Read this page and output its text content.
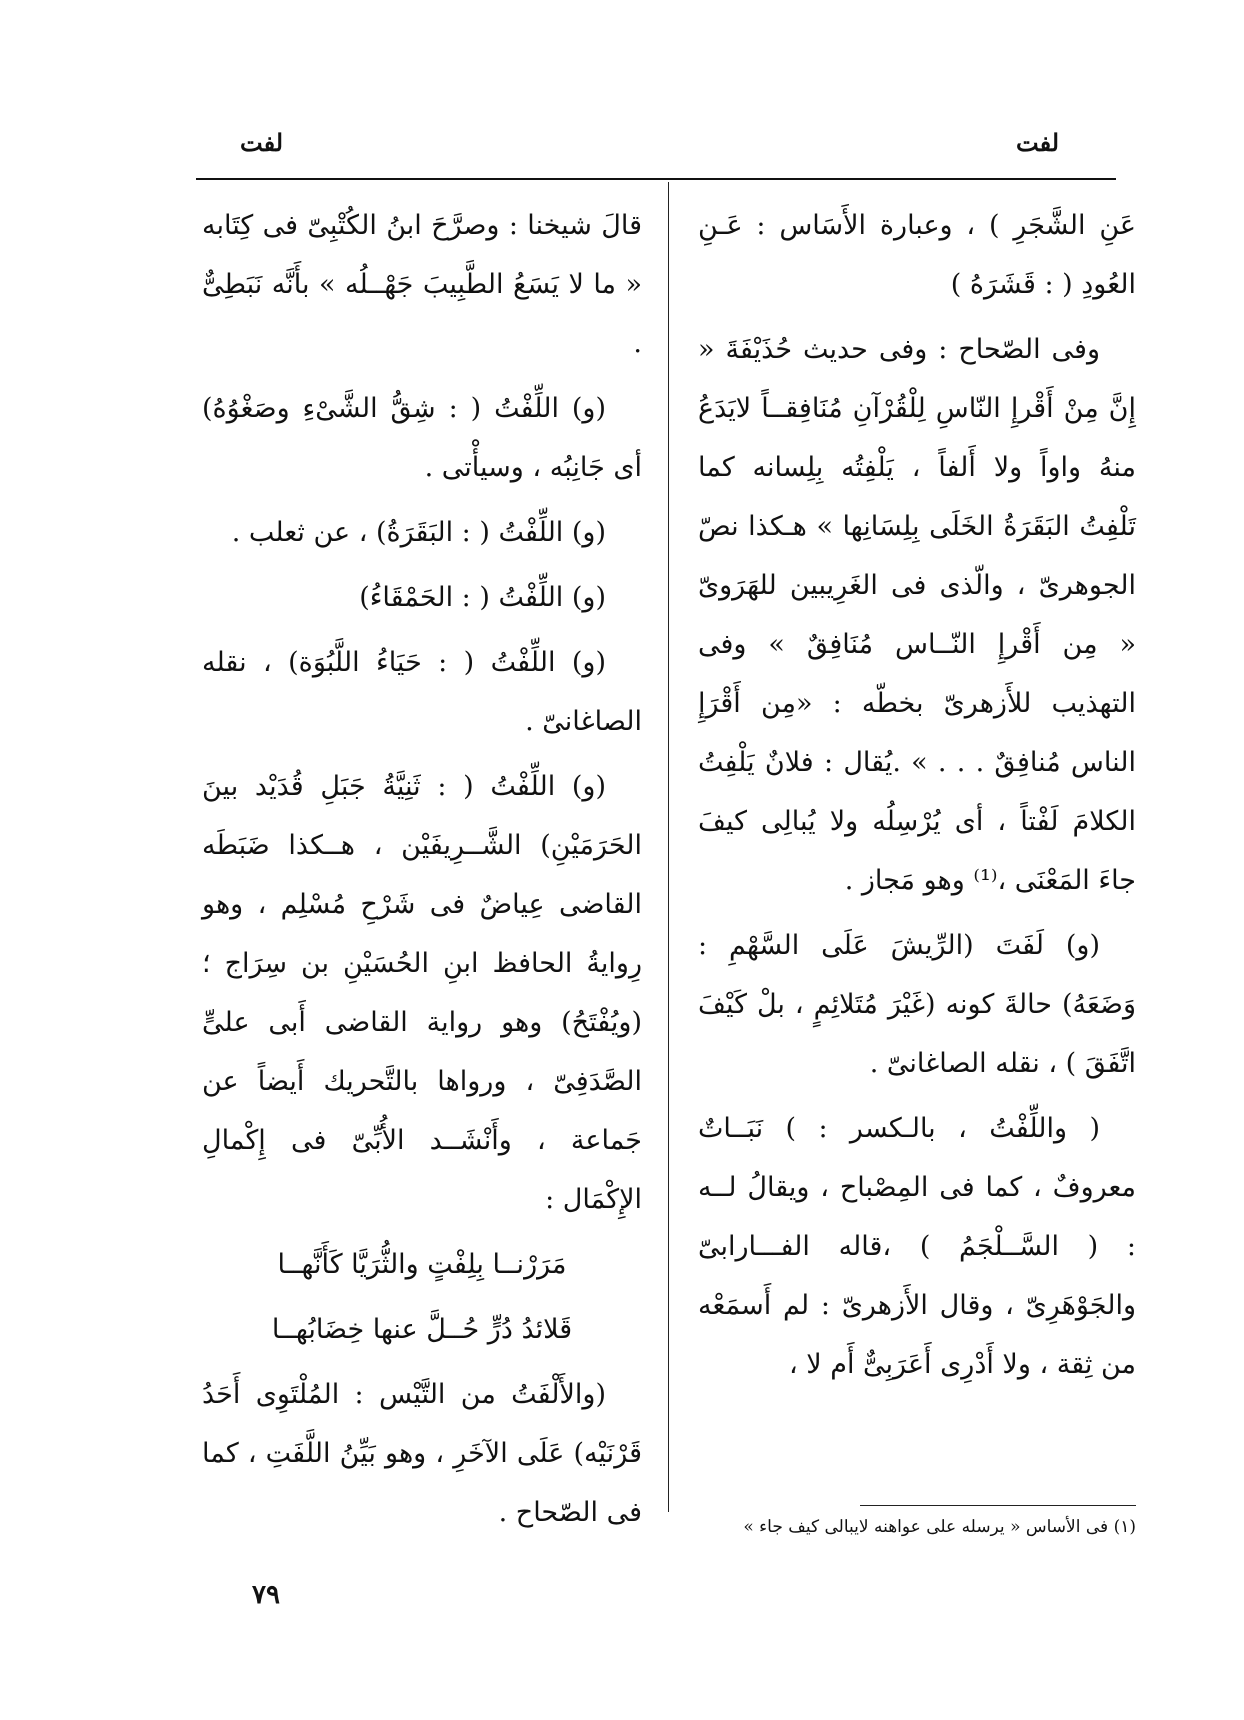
لفت	لفت

عَنِ الشَّجَرِ ) ، وعبارة الأَسَاس : عَـنِ العُودِ ( : قَشَرَهُ )

وفى الصّحاح : وفى حديث حُذَيْفَةَ « إِنَّ مِنْ أَقْرإِ النّاسِ لِلْقُرْآنِ مُنَافِقــاً لايَدَعُ منهُ واواً ولا أَلفاً ، يَلْفِتُه بِلِسانه كما تَلْفِتُ البَقَرَةُ الخَلَى بِلِسَانِها » هـكذا نصّ الجوهرىّ ، والّذى فى الغَرِيبين للهَرَوىّ « مِن أَقْرإِ النّــاس مُنَافِقٌ » وفى التهذيب للأَزهرىّ بخطّه : «مِن أَقْرَإِ الناس مُنافِقٌ . . . » .يُقال : فلانٌ يَلْفِتُ الكلامَ لَفْتاً ، أى يُرْسِلُه ولا يُبالِى كيفَ جاءَ المَعْنَى ،⁽¹⁾ وهو مَجاز .

(و) لَفَتَ (الرِّيشَ عَلَى السَّهْمِ : وَضَعَهُ) حالةَ كونه (غَيْرَ مُتَلائِمٍ ، بلْ كَيْفَ اتَّفَقَ ) ، نقله الصاغانىّ .

( واللِّفْتُ ، بالـكسر : ) نَبَــاتٌ معروفٌ ، كما فى المِصْباح ، ويقالُ لــه : ( السَّــلْجَمُ ) ،قاله الفـــارابىّ والجَوْهَرِىّ ، وقال الأَزهرىّ : لم أَسمَعْه من ثِقة ، ولا أَدْرِى أَعَرَبِىٌّ أَم لا ،

قالَ شيخنا : وصرَّحَ ابنُ الكُتْبِىّ فى كِتَابه « ما لا يَسَعُ الطَّبِيبَ جَهْــلُه » بأَنَّه نَبَطِىٌّ .

(و) اللِّفْتُ ( : شِقُّ الشَّىْءِ وصَغْوُهُ) أى جَانِبُه ، وسيأْتى .

(و) اللِّفْتُ ( : البَقَرَةُ) ، عن ثعلب .

(و) اللِّفْتُ ( : الحَمْقَاءُ)

(و) اللِّفْتُ ( : حَيَاءُ اللَّبُوَة) ، نقله الصاغانىّ .

(و) اللِّفْتُ ( : ثَنِيَّةُ جَبَلِ قُدَيْد بينَ الحَرَمَيْنِ) الشَّــرِيفَيْن ، هــكذا ضَبَطَه القاضى عِياضٌ فى شَرْحِ مُسْلِم ، وهو رِوايةُ الحافظ ابنِ الحُسَيْنِ بن سِرَاج ؛ (ويُفْتَحُ) وهو رواية القاضى أَبى علىٍّ الصَّدَفِىّ ، ورواها بالتَّحريك أَيضاً عن جَماعة ، وأَنْشَــد الأُبِّىّ فى إِكْمالِ الإِكْمَال :

مَرَرْنــا بِلِفْتٍ والثُّرَيَّا كَأَنَّهــا

قَلائدُ دُرٍّ حُــلَّ عنها خِضَابُهــا

(والأَلْفَتُ من التَّيْس : المُلْتَوِى أَحَدُ قَرْنَيْه) عَلَى الآخَرِ ، وهو بَيِّنُ اللَّفَتِ ، كما فى الصّحاح .	(١) فى الأساس « يرسله على عواهنه لايبالى كيف جاء »
٧٩
